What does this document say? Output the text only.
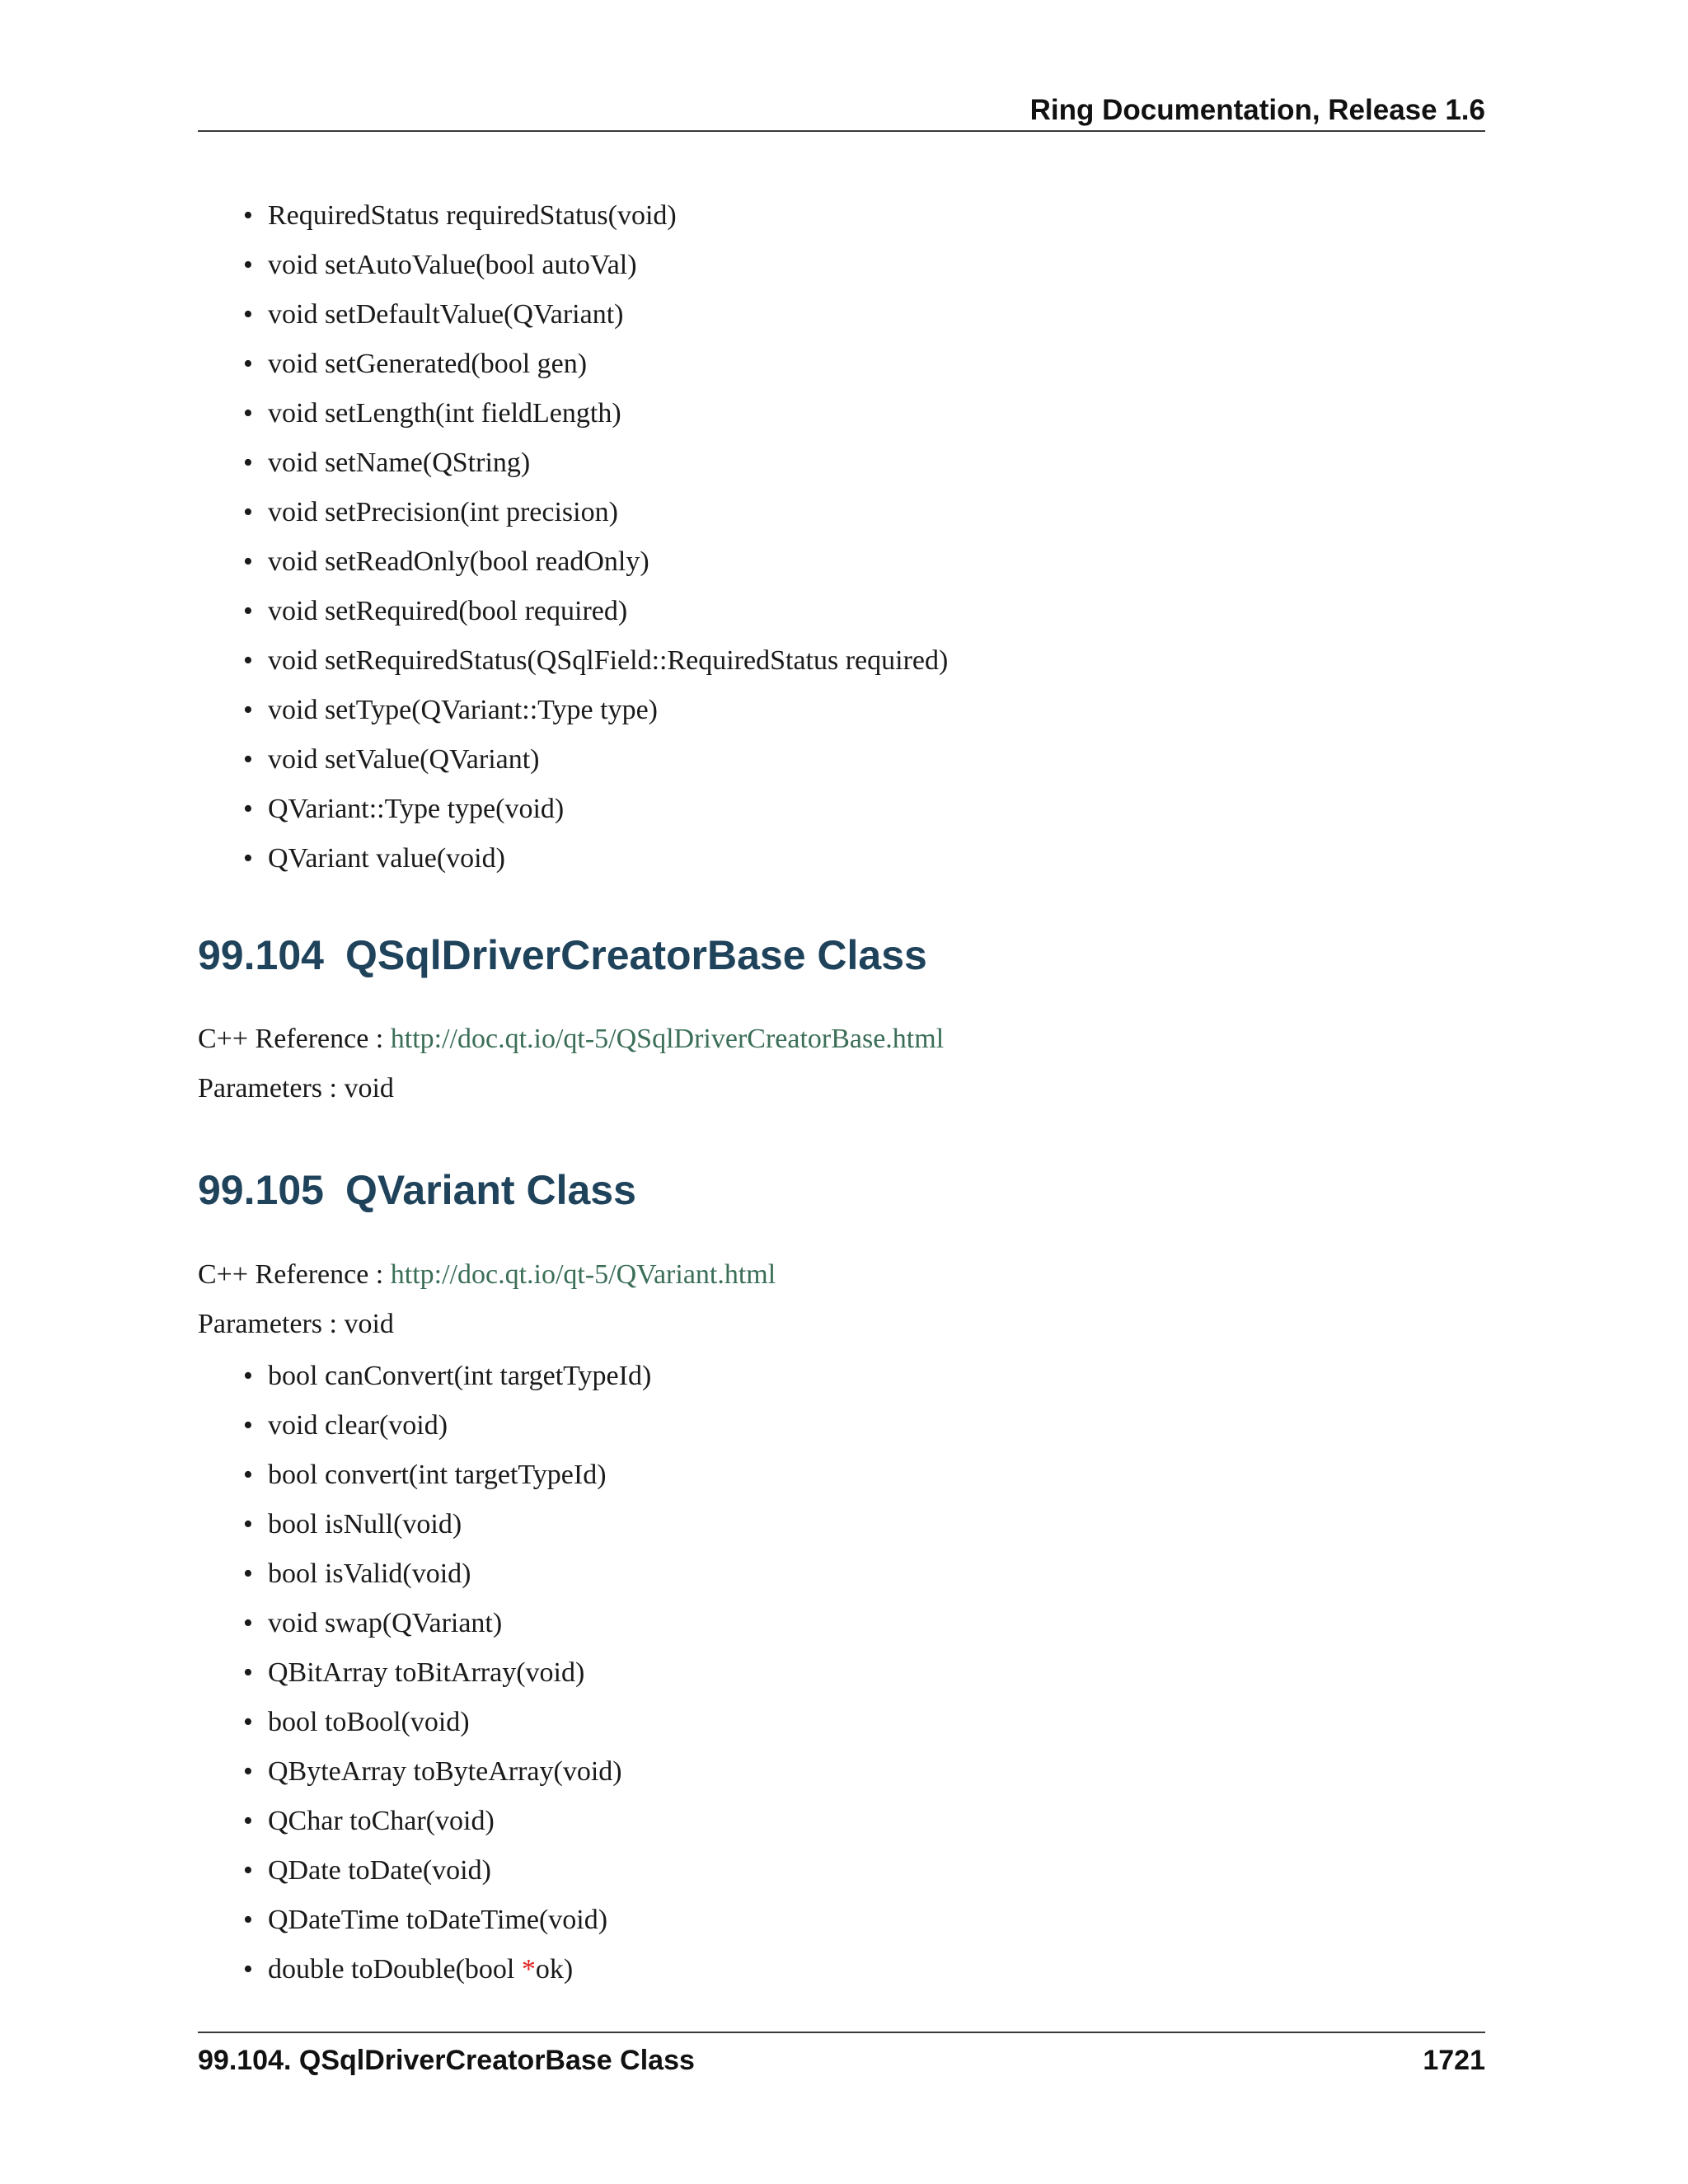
Ring Documentation, Release 1.6
• RequiredStatus requiredStatus(void)
• void setAutoValue(bool autoVal)
• void setDefaultValue(QVariant)
• void setGenerated(bool gen)
• void setLength(int fieldLength)
• void setName(QString)
• void setPrecision(int precision)
• void setReadOnly(bool readOnly)
• void setRequired(bool required)
• void setRequiredStatus(QSqlField::RequiredStatus required)
• void setType(QVariant::Type type)
• void setValue(QVariant)
• QVariant::Type type(void)
• QVariant value(void)
99.104 QSqlDriverCreatorBase Class
C++ Reference : http://doc.qt.io/qt-5/QSqlDriverCreatorBase.html
Parameters : void
99.105 QVariant Class
C++ Reference : http://doc.qt.io/qt-5/QVariant.html
Parameters : void
• bool canConvert(int targetTypeId)
• void clear(void)
• bool convert(int targetTypeId)
• bool isNull(void)
• bool isValid(void)
• void swap(QVariant)
• QBitArray toBitArray(void)
• bool toBool(void)
• QByteArray toByteArray(void)
• QChar toChar(void)
• QDate toDate(void)
• QDateTime toDateTime(void)
• double toDouble(bool *ok)
99.104. QSqlDriverCreatorBase Class	1721
